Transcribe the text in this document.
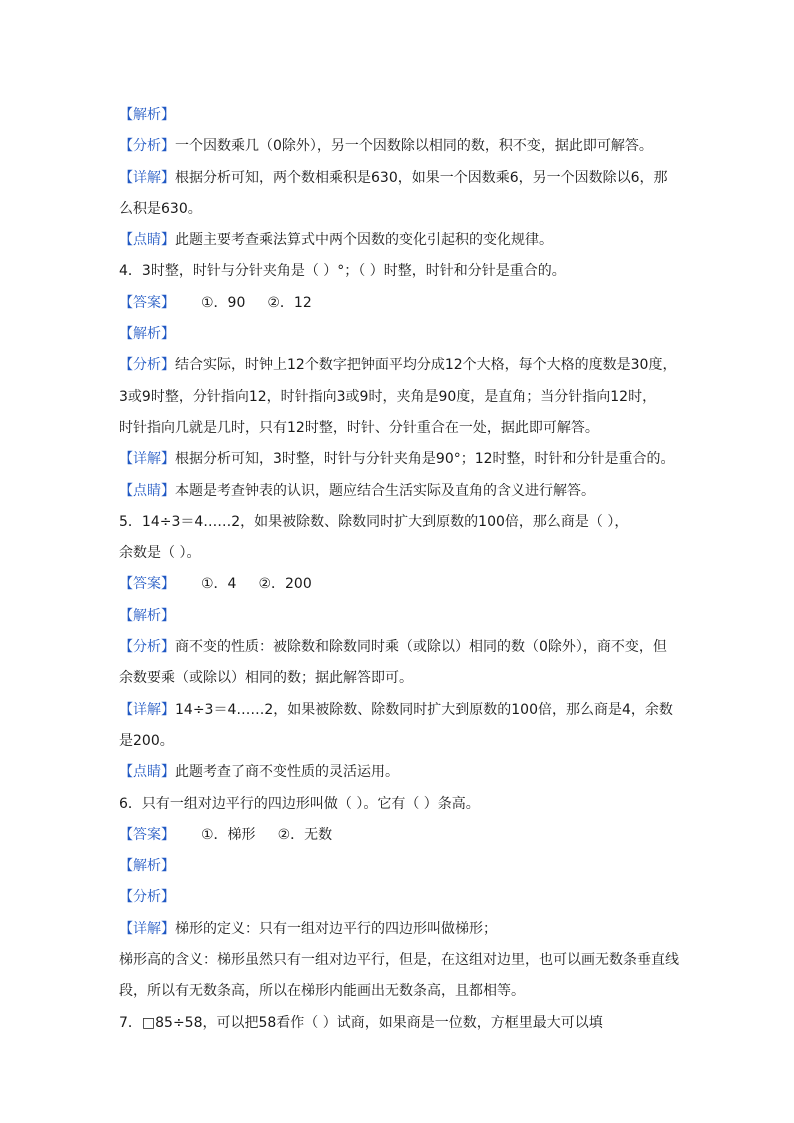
【解析】
【分析】一个因数乘几（0除外），另一个因数除以相同的数，积不变，据此即可解答。
【详解】根据分析可知，两个数相乘积是630，如果一个因数乘6，另一个因数除以6，那
么积是630。
【点睛】此题主要考查乘法算式中两个因数的变化引起积的变化规律。
4．3时整，时针与分针夹角是（ ）°；（ ）时整，时针和分针是重合的。
【答案】 ①．90 ②．12
【解析】
【分析】结合实际，时钟上12个数字把钟面平均分成12个大格，每个大格的度数是30度，
3或9时整，分针指向12，时针指向3或9时，夹角是90度，是直角；当分针指向12时，
时针指向几就是几时，只有12时整，时针、分针重合在一处，据此即可解答。
【详解】根据分析可知，3时整，时针与分针夹角是90°；12时整，时针和分针是重合的。
【点睛】本题是考查钟表的认识，题应结合生活实际及直角的含义进行解答。
5．14÷3＝4……2，如果被除数、除数同时扩大到原数的100倍，那么商是（ ），
余数是（ ）。
【答案】 ①．4 ②．200
【解析】
【分析】商不变的性质：被除数和除数同时乘（或除以）相同的数（0除外），商不变，但
余数要乘（或除以）相同的数；据此解答即可。
【详解】14÷3＝4……2，如果被除数、除数同时扩大到原数的100倍，那么商是4，余数
是200。
【点睛】此题考查了商不变性质的灵活运用。
6．只有一组对边平行的四边形叫做（ ）。它有（ ）条高。
【答案】 ①．梯形 ②．无数
【解析】
【分析】
【详解】梯形的定义：只有一组对边平行的四边形叫做梯形；
梯形高的含义：梯形虽然只有一组对边平行，但是，在这组对边里，也可以画无数条垂直线
段，所以有无数条高，所以在梯形内能画出无数条高，且都相等。
7．□85÷58，可以把58看作（ ）试商，如果商是一位数，方框里最大可以填
